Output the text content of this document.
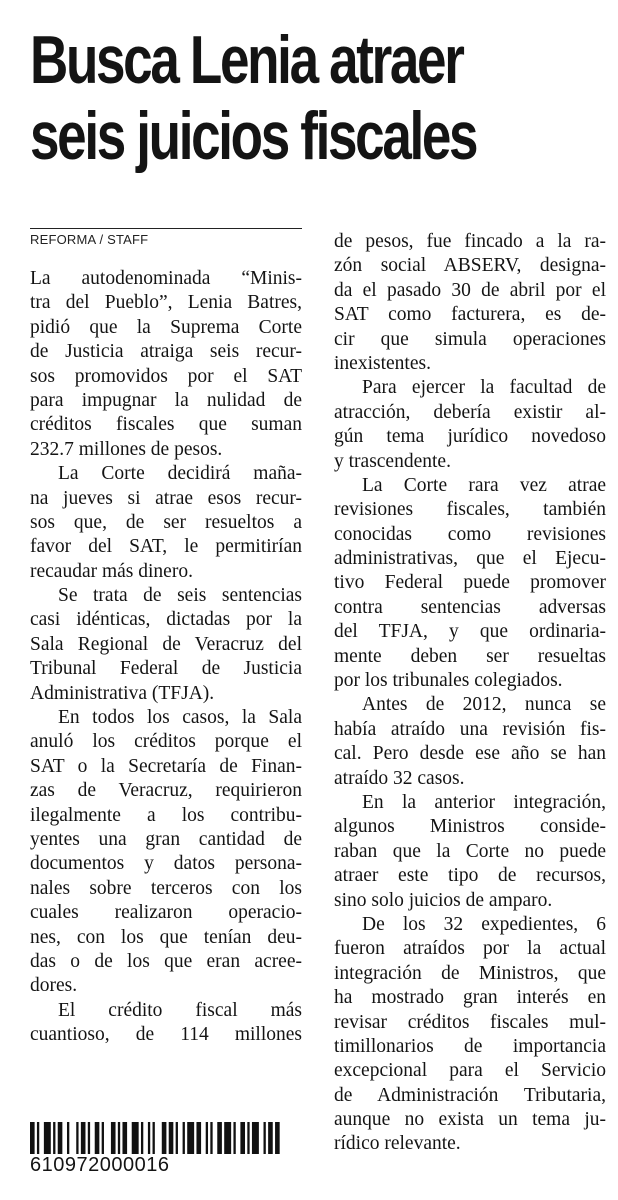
Busca Lenia atraer
seis juicios fiscales
REFORMA / STAFF
La autodenominada “Minis-
tra del Pueblo”, Lenia Batres,
pidió que la Suprema Corte
de Justicia atraiga seis recur-
sos promovidos por el SAT
para impugnar la nulidad de
créditos fiscales que suman
232.7 millones de pesos.
La Corte decidirá maña-
na jueves si atrae esos recur-
sos que, de ser resueltos a
favor del SAT, le permitirían
recaudar más dinero.
Se trata de seis sentencias
casi idénticas, dictadas por la
Sala Regional de Veracruz del
Tribunal Federal de Justicia
Administrativa (TFJA).
En todos los casos, la Sala
anuló los créditos porque el
SAT o la Secretaría de Finan-
zas de Veracruz, requirieron
ilegalmente a los contribu-
yentes una gran cantidad de
documentos y datos persona-
nales sobre terceros con los
cuales realizaron operacio-
nes, con los que tenían deu-
das o de los que eran acree-
dores.
El crédito fiscal más
cuantioso, de 114 millones
de pesos, fue fincado a la ra-
zón social ABSERV, designa-
da el pasado 30 de abril por el
SAT como facturera, es de-
cir que simula operaciones
inexistentes.
Para ejercer la facultad de
atracción, debería existir al-
gún tema jurídico novedoso
y trascendente.
La Corte rara vez atrae
revisiones fiscales, también
conocidas como revisiones
administrativas, que el Ejecu-
tivo Federal puede promover
contra sentencias adversas
del TFJA, y que ordinaria-
mente deben ser resueltas
por los tribunales colegiados.
Antes de 2012, nunca se
había atraído una revisión fis-
cal. Pero desde ese año se han
atraído 32 casos.
En la anterior integración,
algunos Ministros conside-
raban que la Corte no puede
atraer este tipo de recursos,
sino solo juicios de amparo.
De los 32 expedientes, 6
fueron atraídos por la actual
integración de Ministros, que
ha mostrado gran interés en
revisar créditos fiscales mul-
timillonarios de importancia
excepcional para el Servicio
de Administración Tributaria,
aunque no exista un tema ju-
rídico relevante.
610972000016
